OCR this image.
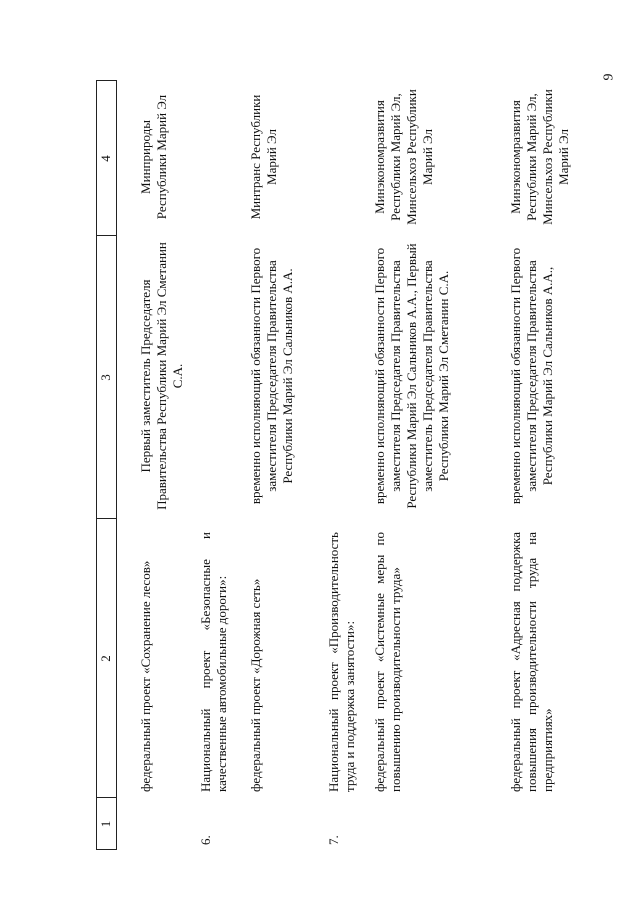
9
1
2
3
4
федеральный проект «Сохранение лесов»
Первый заместитель Председателя Правительства Республики Марий Эл Сметанин С.А.
Минприроды Республики Марий Эл
6.
Национальный проект «Безопасные и качественные автомобильные дороги»: федеральный проект «Дорожная сеть»
временно исполняющий обязанности Первого заместителя Председателя Правительства Республики Марий Эл Сальников А.А.
Минтранс Республики Марий Эл
7.
Национальный проект «Производительность труда и поддержка занятости»: федеральный проект «Системные меры по повышению производительности труда»
временно исполняющий обязанности Первого заместителя Председателя Правительства Республики Марий Эл Сальников А.А., Первый заместитель Председателя Правительства Республики Марий Эл Сметанин С.А.
Минэкономразвития Республики Марий Эл, Минсельхоз Республики Марий Эл
федеральный проект «Адресная поддержка повышения производительности труда на предприятиях»
временно исполняющий обязанности Первого заместителя Председателя Правительства Республики Марий Эл Сальников А.А.,
Минэкономразвития Республики Марий Эл, Минсельхоз Республики Марий Эл
